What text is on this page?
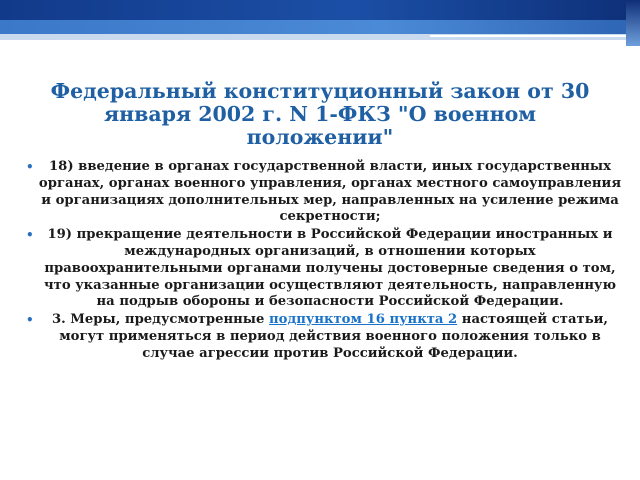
Федеральный конституционный закон от 30 января 2002 г. N 1-ФКЗ "О военном положении"
• 18) введение в органах государственной власти, иных государственных органах, органах военного управления, органах местного самоуправления и организациях дополнительных мер, направленных на усиление режима секретности;
• 19) прекращение деятельности в Российской Федерации иностранных и международных организаций, в отношении которых правоохранительными органами получены достоверные сведения о том, что указанные организации осуществляют деятельность, направленную на подрыв обороны и безопасности Российской Федерации.
• 3. Меры, предусмотренные подпунктом 16 пункта 2 настоящей статьи, могут применяться в период действия военного положения только в случае агрессии против Российской Федерации.
